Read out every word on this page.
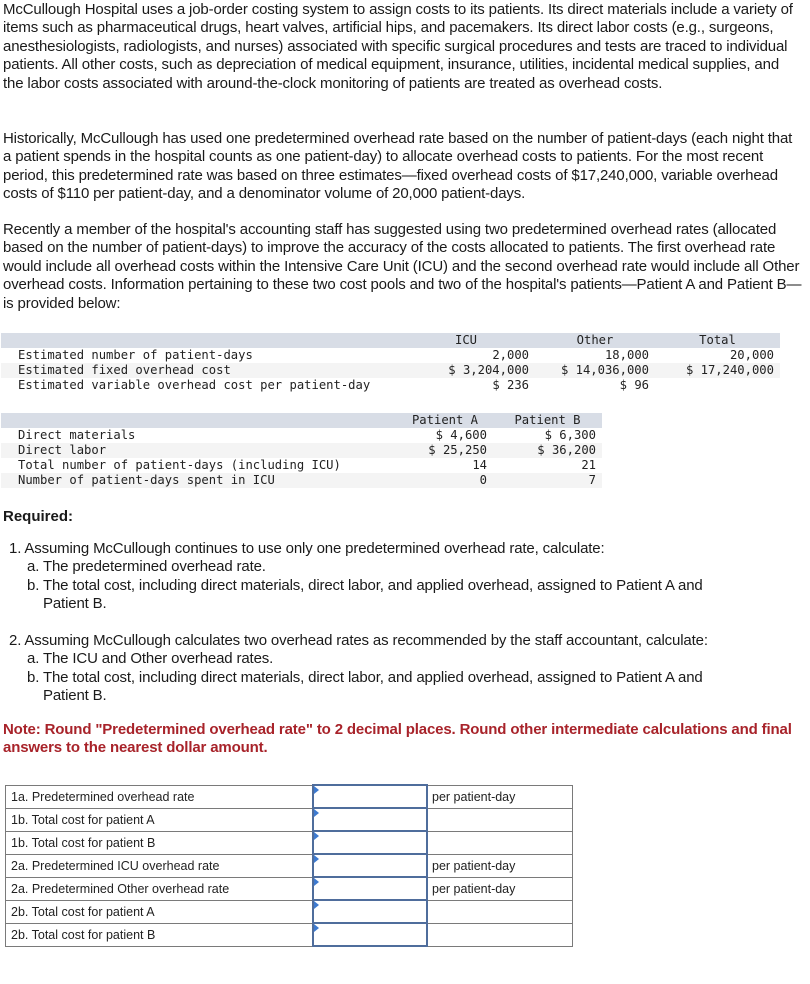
McCullough Hospital uses a job-order costing system to assign costs to its patients. Its direct materials include a variety of items such as pharmaceutical drugs, heart valves, artificial hips, and pacemakers. Its direct labor costs (e.g., surgeons, anesthesiologists, radiologists, and nurses) associated with specific surgical procedures and tests are traced to individual patients. All other costs, such as depreciation of medical equipment, insurance, utilities, incidental medical supplies, and the labor costs associated with around-the-clock monitoring of patients are treated as overhead costs.

Historically, McCullough has used one predetermined overhead rate based on the number of patient-days (each night that a patient spends in the hospital counts as one patient-day) to allocate overhead costs to patients. For the most recent period, this predetermined rate was based on three estimates—fixed overhead costs of $17,240,000, variable overhead costs of $110 per patient-day, and a denominator volume of 20,000 patient-days.

Recently a member of the hospital's accounting staff has suggested using two predetermined overhead rates (allocated based on the number of patient-days) to improve the accuracy of the costs allocated to patients. The first overhead rate would include all overhead costs within the Intensive Care Unit (ICU) and the second overhead rate would include all Other overhead costs. Information pertaining to these two cost pools and two of the hospital's patients—Patient A and Patient B—is provided below:

	ICU	Other	Total
Estimated number of patient-days	2,000	18,000	20,000
Estimated fixed overhead cost	$ 3,204,000	$ 14,036,000	$ 17,240,000
Estimated variable overhead cost per patient-day	$ 236	$ 96	
	Patient A	Patient B
Direct materials	$ 4,600	$ 6,300
Direct labor	$ 25,250	$ 36,200
Total number of patient-days (including ICU)	14	21
Number of patient-days spent in ICU	0	7

Required:

1. Assuming McCullough continues to use only one predetermined overhead rate, calculate:
a. The predetermined overhead rate.
b. The total cost, including direct materials, direct labor, and applied overhead, assigned to Patient A and
Patient B.
2. Assuming McCullough calculates two overhead rates as recommended by the staff accountant, calculate:
a. The ICU and Other overhead rates.
b. The total cost, including direct materials, direct labor, and applied overhead, assigned to Patient A and
Patient B.
Note: Round "Predetermined overhead rate" to 2 decimal places. Round other intermediate calculations and final answers to the nearest dollar amount.
1a. Predetermined overhead rate		per patient-day
1b. Total cost for patient A	

1b. Total cost for patient B	

2a. Predetermined ICU overhead rate		per patient-day
2a. Predetermined Other overhead rate		per patient-day
2b. Total cost for patient A	

2b. Total cost for patient B	
